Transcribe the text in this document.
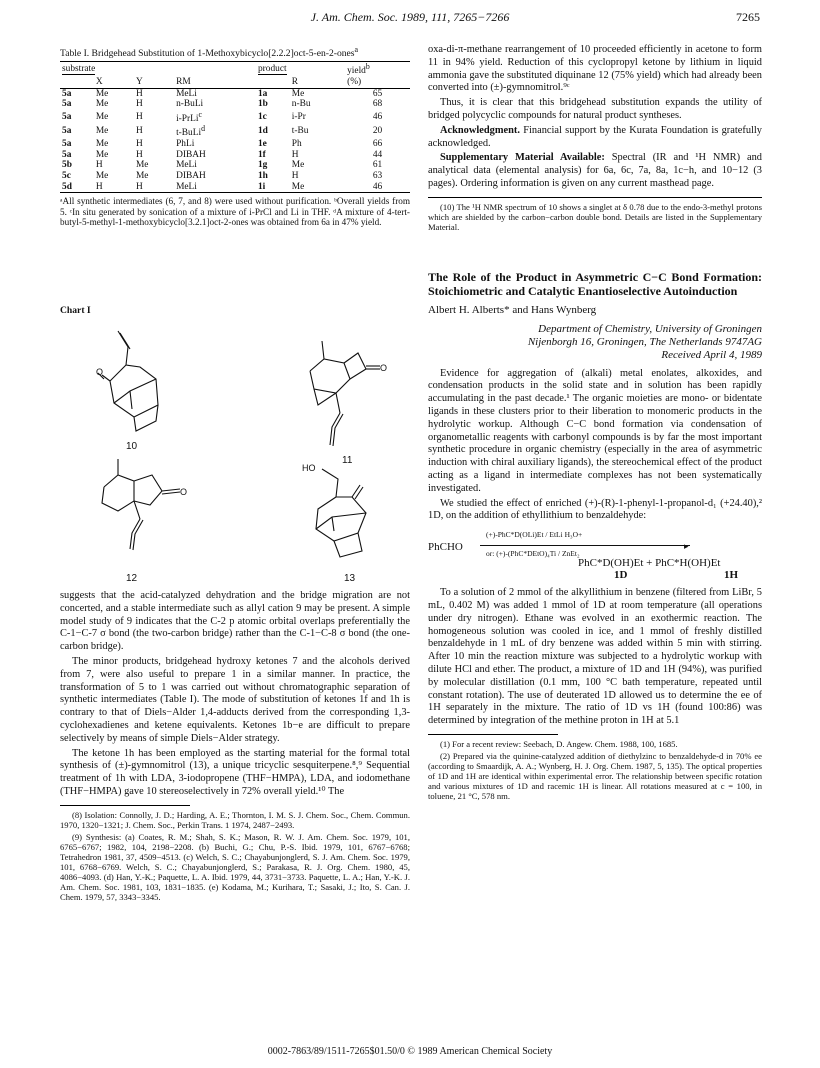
J. Am. Chem. Soc. 1989, 111, 7265−7266	7265
Table I. Bridgehead Substitution of 1-Methoxybicyclo[2.2.2]oct-5-en-2-ones$^a$
substrate				product		yield$^b$
	X	Y	RM		R	(%)
5a	Me	H	MeLi	1a	Me	65
5a	Me	H	n-BuLi	1b	n-Bu	68
5a	Me	H	i-PrLi$^c$	1c	i-Pr	46
5a	Me	H	t-BuLi$^d$	1d	t-Bu	20
5a	Me	H	PhLi	1e	Ph	66
5a	Me	H	DIBAH	1f	H	44
5b	H	Me	MeLi	1g	Me	61
5c	Me	Me	DIBAH	1h	H	63
5d	H	H	MeLi	1i	Me	46
ᵃAll synthetic intermediates (6, 7, and 8) were used without purification. ᵇOverall yields from 5. ᶜIn situ generated by sonication of a mixture of i-PrCl and Li in THF. ᵈA mixture of 4-tert-butyl-5-methyl-1-methoxybicyclo[3.2.1]oct-2-ones was obtained from 6a in 47% yield.
Chart I
O	O
O
HO
10
11
12	13

suggests that the acid-catalyzed dehydration and the bridge migration are not concerted, and a stable intermediate such as allyl cation 9 may be present. A simple model study of 9 indicates that the C-2 p atomic orbital overlaps preferentially the C-1−C-7 σ bond (the two-carbon bridge) rather than the C-1−C-8 σ bond (the one-carbon bridge).

The minor products, bridgehead hydroxy ketones 7 and the alcohols derived from 7, were also useful to prepare 1 in a similar manner. In practice, the transformation of 5 to 1 was carried out without chromatographic separation of synthetic intermediates (Table I). The mode of substitution of ketones 1f and 1h is contrary to that of Diels−Alder 1,4-adducts derived from the corresponding 1,3-cyclohexadienes and ketene equivalents. Ketones 1b−e are difficult to prepare selectively by means of simple Diels−Alder strategy.

The ketone 1h has been employed as the starting material for the formal total synthesis of (±)-gymnomitrol (13), a unique tricyclic sesquiterpene.⁸,⁹ Sequential treatment of 1h with LDA, 3-iodopropene (THF−HMPA), LDA, and iodomethane (THF−HMPA) gave 10 stereoselectively in 72% overall yield.¹⁰ The

(8) Isolation: Connolly, J. D.; Harding, A. E.; Thornton, I. M. S. J. Chem. Soc., Chem. Commun. 1970, 1320−1321; J. Chem. Soc., Perkin Trans. 1 1974, 2487−2493.

(9) Synthesis: (a) Coates, R. M.; Shah, S. K.; Mason, R. W. J. Am. Chem. Soc. 1979, 101, 6765−6767; 1982, 104, 2198−2208. (b) Buchi, G.; Chu, P.-S. Ibid. 1979, 101, 6767−6768; Tetrahedron 1981, 37, 4509−4513. (c) Welch, S. C.; Chayabunjonglerd, S. J. Am. Chem. Soc. 1979, 101, 6768−6769. Welch, S. C.; Chayabunjonglerd, S.; Parakasa, R. J. Org. Chem. 1980, 45, 4086−4093. (d) Han, Y.-K.; Paquette, L. A. Ibid. 1979, 44, 3731−3733. Paquette, L. A.; Han, Y.-K. J. Am. Chem. Soc. 1981, 103, 1831−1835. (e) Kodama, M.; Kurihara, T.; Sasaki, J.; Ito, S. Can. J. Chem. 1979, 57, 3343−3345.

oxa-di-π-methane rearrangement of 10 proceeded efficiently in acetone to form 11 in 94% yield. Reduction of this cyclopropyl ketone by lithium in liquid ammonia gave the substituted diquinane 12 (75% yield) which had already been converted into (±)-gymnomitrol.⁹ᶜ

Thus, it is clear that this bridgehead substitution expands the utility of bridged polycyclic compounds for natural product syntheses.

Acknowledgment. Financial support by the Kurata Foundation is gratefully acknowledged.

Supplementary Material Available: Spectral (IR and ¹H NMR) and analytical data (elemental analysis) for 6a, 6c, 7a, 8a, 1c−h, and 10−12 (3 pages). Ordering information is given on any current masthead page.

(10) The ¹H NMR spectrum of 10 shows a singlet at δ 0.78 due to the endo-3-methyl protons which are shielded by the carbon−carbon double bond. Details are listed in the Supplementary Material.

The Role of the Product in Asymmetric C−C Bond Formation: Stoichiometric and Catalytic Enantioselective Autoinduction
Albert H. Alberts* and Hans Wynberg
Department of Chemistry, University of Groningen
Nijenborgh 16, Groningen, The Netherlands 9747AG
Received April 4, 1989

Evidence for aggregation of (alkali) metal enolates, alkoxides, and condensation products in the solid state and in solution has been rapidly accumulating in the past decade.¹ The organic moieties are mono- or bidentate ligands in these clusters prior to their liberation to monomeric products in the hydrolytic workup. Although C−C bond formation via condensation of organometallic reagents with carbonyl compounds is by far the most important synthetic procedure in organic chemistry (especially in the area of asymmetric induction with chiral auxiliary ligands), the stereochemical effect of the product acting as a ligand in intermediate complexes has not been systematically investigated.

We studied the effect of enriched (+)-(R)-1-phenyl-1-propanol-d₁ (+24.40),² 1D, on the addition of ethyllithium to benzaldehyde:

PhCHO
(+)-PhC*D(OLi)Et / EtLi H₃O+
▸
or: (+)-(PhC*DEtO)₄Ti / ZnEt₂
PhC*D(OH)Et + PhC*H(OH)Et
1D	1H

To a solution of 2 mmol of the alkyllithium in benzene (filtered from LiBr, 5 mL, 0.402 M) was added 1 mmol of 1D at room temperature (all operations under dry nitrogen). Ethane was evolved in an exothermic reaction. The homogeneous solution was cooled in ice, and 1 mmol of freshly distilled benzaldehyde in 1 mL of dry benzene was added within 5 min with stirring. After 10 min the reaction mixture was subjected to a hydrolytic workup with dilute HCl and ether. The product, a mixture of 1D and 1H (94%), was purified by molecular distillation (0.1 mm, 100 °C bath temperature, repeated until constant rotation). The use of deuterated 1D allowed us to determine the ee of 1H separately in the mixture. The ratio of 1D vs 1H (found 100:86) was determined by integration of the methine proton in 1H at 5.1

(1) For a recent review: Seebach, D. Angew. Chem. 1988, 100, 1685.

(2) Prepared via the quinine-catalyzed addition of diethylzinc to benzaldehyde-d in 70% ee (according to Smaardijk, A. A.; Wynberg, H. J. Org. Chem. 1987, 5, 135). The optical properties of 1D and 1H are identical within experimental error. The relationship between specific rotation and various mixtures of 1D and racemic 1H is linear. All rotations measured at c = 100, in toluene, 21 °C, 578 nm.

0002-7863/89/1511-7265$01.50/0 © 1989 American Chemical Society
